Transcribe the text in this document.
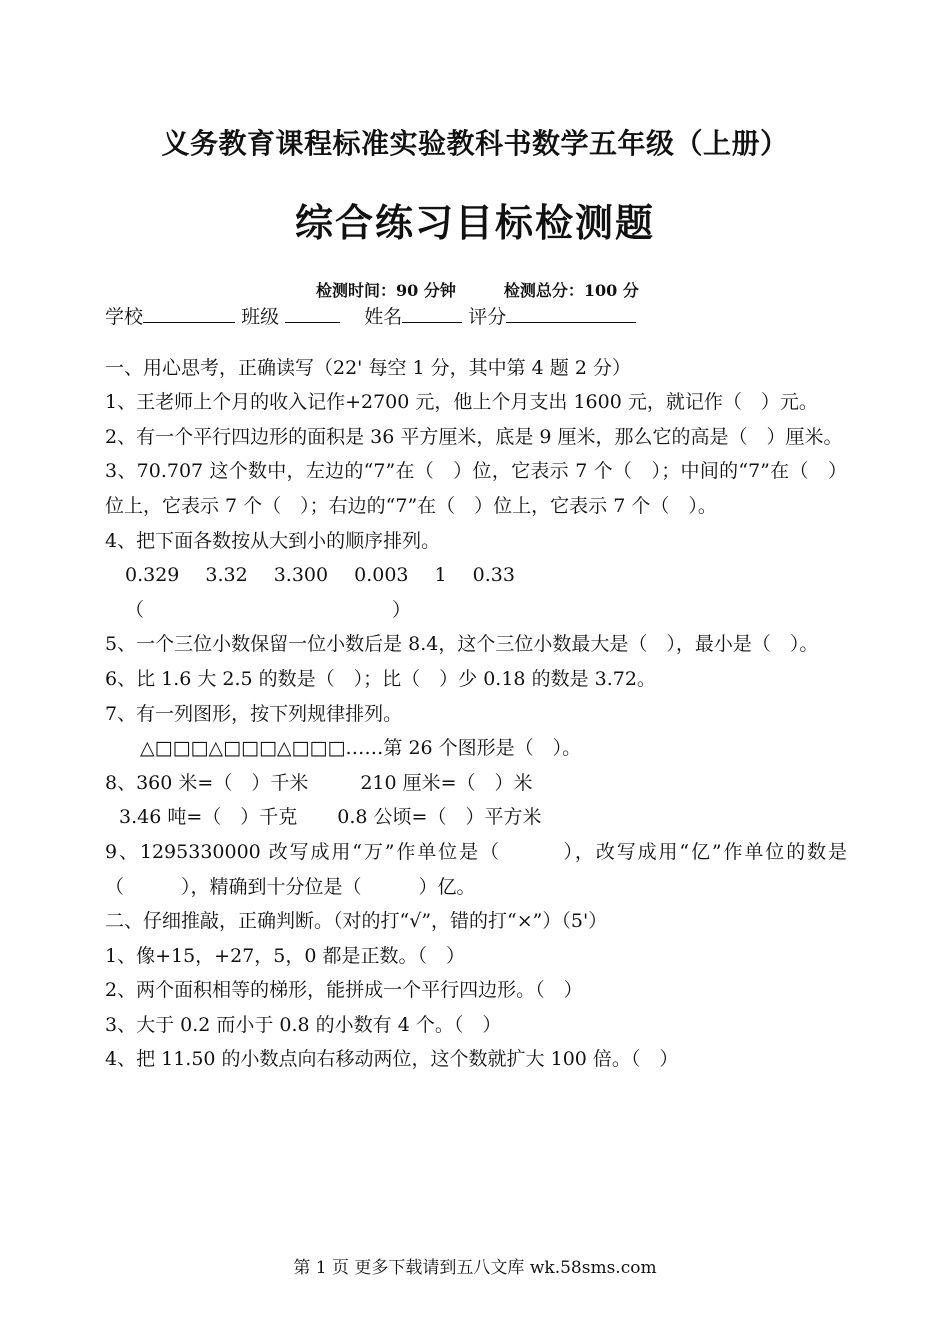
义务教育课程标准实验教科书数学五年级（上册）
综合练习目标检测题
检测时间：90 分钟	检测总分：100 分
学校	班级	姓名	评分
一、用心思考，正确读写（22' 每空 1 分，其中第 4 题 2 分）
1、王老师上个月的收入记作+2700 元，他上个月支出 1600 元，就记作（　）元。
2、有一个平行四边形的面积是 36 平方厘米，底是 9 厘米，那么它的高是（　）厘米。
3、70.707 这个数中，左边的“7”在（　）位，它表示 7 个（　）；中间的“7”在（　）位上，它表示 7 个（　）；右边的“7”在（　）位上，它表示 7 个（　）。
4、把下面各数按从大到小的顺序排列。
0.329 3.32 3.300 0.003 1 0.33
（	）
5、一个三位小数保留一位小数后是 8.4，这个三位小数最大是（　），最小是（　）。
6、比 1.6 大 2.5 的数是（　）；比（　）少 0.18 的数是 3.72。
7、有一列图形，按下列规律排列。
△□□□△□□□△□□□……第 26 个图形是（　）。
8、360 米=（　）千米	210 厘米=（　）米
3.46 吨=（　）千克 0.8 公顷=（　）平方米
9、1295330000 改写成用“万”作单位是（　　　），改写成用“亿”作单位的数是（　　　），精确到十分位是（　　　）亿。
二、仔细推敲，正确判断。（对的打“√”，错的打“×”）（5'）
1、像+15，+27，5，0 都是正数。（　）
2、两个面积相等的梯形，能拼成一个平行四边形。（　）
3、大于 0.2 而小于 0.8 的小数有 4 个。（　）
4、把 11.50 的小数点向右移动两位，这个数就扩大 100 倍。（　）
第 1 页 更多下载请到五八文库 wk.58sms.com
